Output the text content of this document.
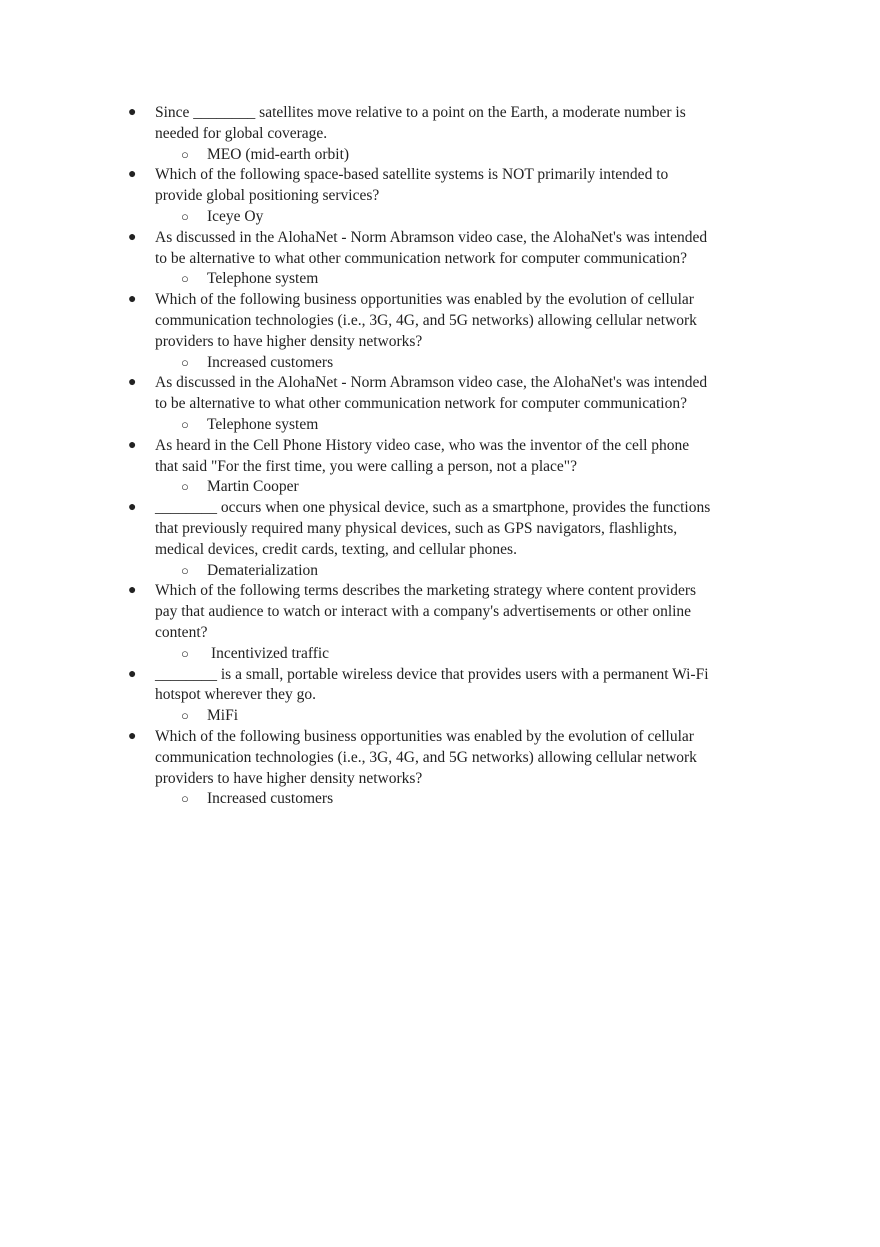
● Since ________ satellites move relative to a point on the Earth, a moderate number is needed for global coverage.
○ MEO (mid-earth orbit)
● Which of the following space-based satellite systems is NOT primarily intended to provide global positioning services?
○ Iceye Oy
● As discussed in the AlohaNet - Norm Abramson video case, the AlohaNet's was intended to be alternative to what other communication network for computer communication?
○ Telephone system
● Which of the following business opportunities was enabled by the evolution of cellular communication technologies (i.e., 3G, 4G, and 5G networks) allowing cellular network providers to have higher density networks?
○ Increased customers
● As discussed in the AlohaNet - Norm Abramson video case, the AlohaNet's was intended to be alternative to what other communication network for computer communication?
○ Telephone system
● As heard in the Cell Phone History video case, who was the inventor of the cell phone that said "For the first time, you were calling a person, not a place"?
○ Martin Cooper
● ________ occurs when one physical device, such as a smartphone, provides the functions that previously required many physical devices, such as GPS navigators, flashlights, medical devices, credit cards, texting, and cellular phones.
○ Dematerialization
● Which of the following terms describes the marketing strategy where content providers pay that audience to watch or interact with a company's advertisements or other online content?
○ Incentivized traffic
● ________ is a small, portable wireless device that provides users with a permanent Wi-Fi hotspot wherever they go.
○ MiFi
● Which of the following business opportunities was enabled by the evolution of cellular communication technologies (i.e., 3G, 4G, and 5G networks) allowing cellular network providers to have higher density networks?
○ Increased customers
